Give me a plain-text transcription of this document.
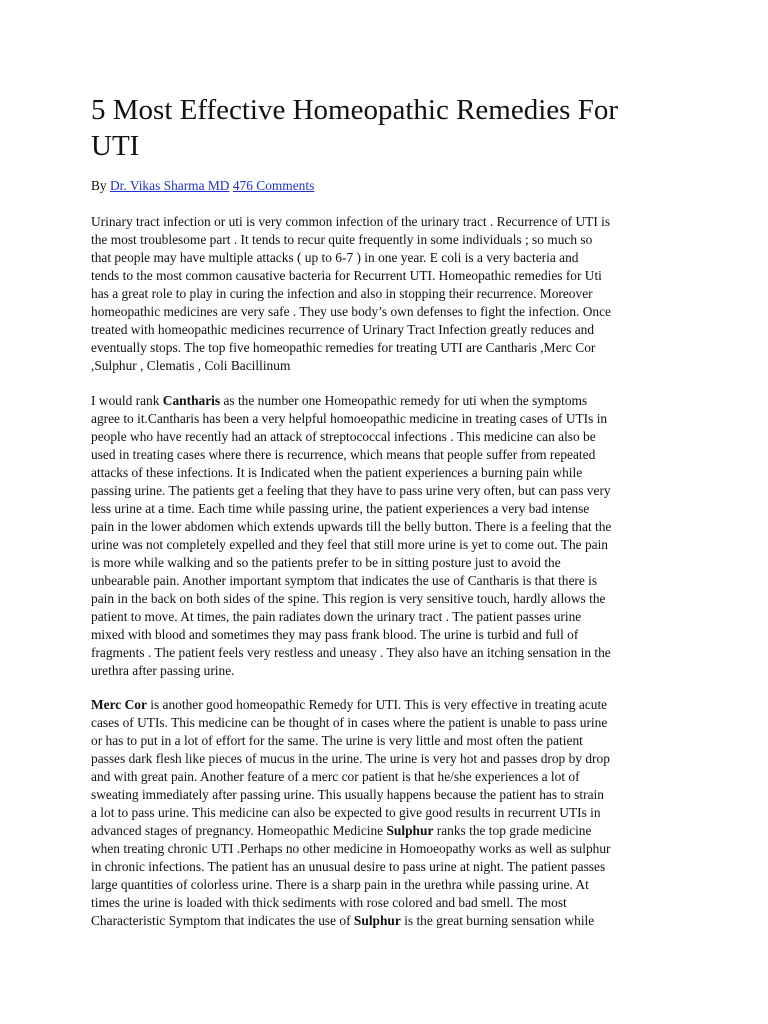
5 Most Effective Homeopathic Remedies For
UTI
By Dr. Vikas Sharma MD 476 Comments
Urinary tract infection or uti is very common infection of the urinary tract . Recurrence of UTI is
the most troublesome part . It tends to recur quite frequently in some individuals ; so much so
that people may have multiple attacks ( up to 6-7 ) in one year. E coli is a very bacteria and
tends to the most common causative bacteria for Recurrent UTI. Homeopathic remedies for Uti
has a great role to play in curing the infection and also in stopping their recurrence. Moreover
homeopathic medicines are very safe . They use body’s own defenses to fight the infection. Once
treated with homeopathic medicines recurrence of Urinary Tract Infection greatly reduces and
eventually stops. The top five homeopathic remedies for treating UTI are Cantharis ,Merc Cor
,Sulphur , Clematis , Coli Bacillinum
I would rank Cantharis as the number one Homeopathic remedy for uti when the symptoms
agree to it.Cantharis has been a very helpful homoeopathic medicine in treating cases of UTIs in
people who have recently had an attack of streptococcal infections . This medicine can also be
used in treating cases where there is recurrence, which means that people suffer from repeated
attacks of these infections. It is Indicated when the patient experiences a burning pain while
passing urine. The patients get a feeling that they have to pass urine very often, but can pass very
less urine at a time. Each time while passing urine, the patient experiences a very bad intense
pain in the lower abdomen which extends upwards till the belly button. There is a feeling that the
urine was not completely expelled and they feel that still more urine is yet to come out. The pain
is more while walking and so the patients prefer to be in sitting posture just to avoid the
unbearable pain. Another important symptom that indicates the use of Cantharis is that there is
pain in the back on both sides of the spine. This region is very sensitive touch, hardly allows the
patient to move. At times, the pain radiates down the urinary tract . The patient passes urine
mixed with blood and sometimes they may pass frank blood. The urine is turbid and full of
fragments . The patient feels very restless and uneasy . They also have an itching sensation in the
urethra after passing urine.
Merc Cor is another good homeopathic Remedy for UTI. This is very effective in treating acute
cases of UTIs. This medicine can be thought of in cases where the patient is unable to pass urine
or has to put in a lot of effort for the same. The urine is very little and most often the patient
passes dark flesh like pieces of mucus in the urine. The urine is very hot and passes drop by drop
and with great pain. Another feature of a merc cor patient is that he/she experiences a lot of
sweating immediately after passing urine. This usually happens because the patient has to strain
a lot to pass urine. This medicine can also be expected to give good results in recurrent UTIs in
advanced stages of pregnancy. Homeopathic Medicine Sulphur ranks the top grade medicine
when treating chronic UTI .Perhaps no other medicine in Homoeopathy works as well as sulphur
in chronic infections. The patient has an unusual desire to pass urine at night. The patient passes
large quantities of colorless urine. There is a sharp pain in the urethra while passing urine. At
times the urine is loaded with thick sediments with rose colored and bad smell. The most
Characteristic Symptom that indicates the use of Sulphur is the great burning sensation while
